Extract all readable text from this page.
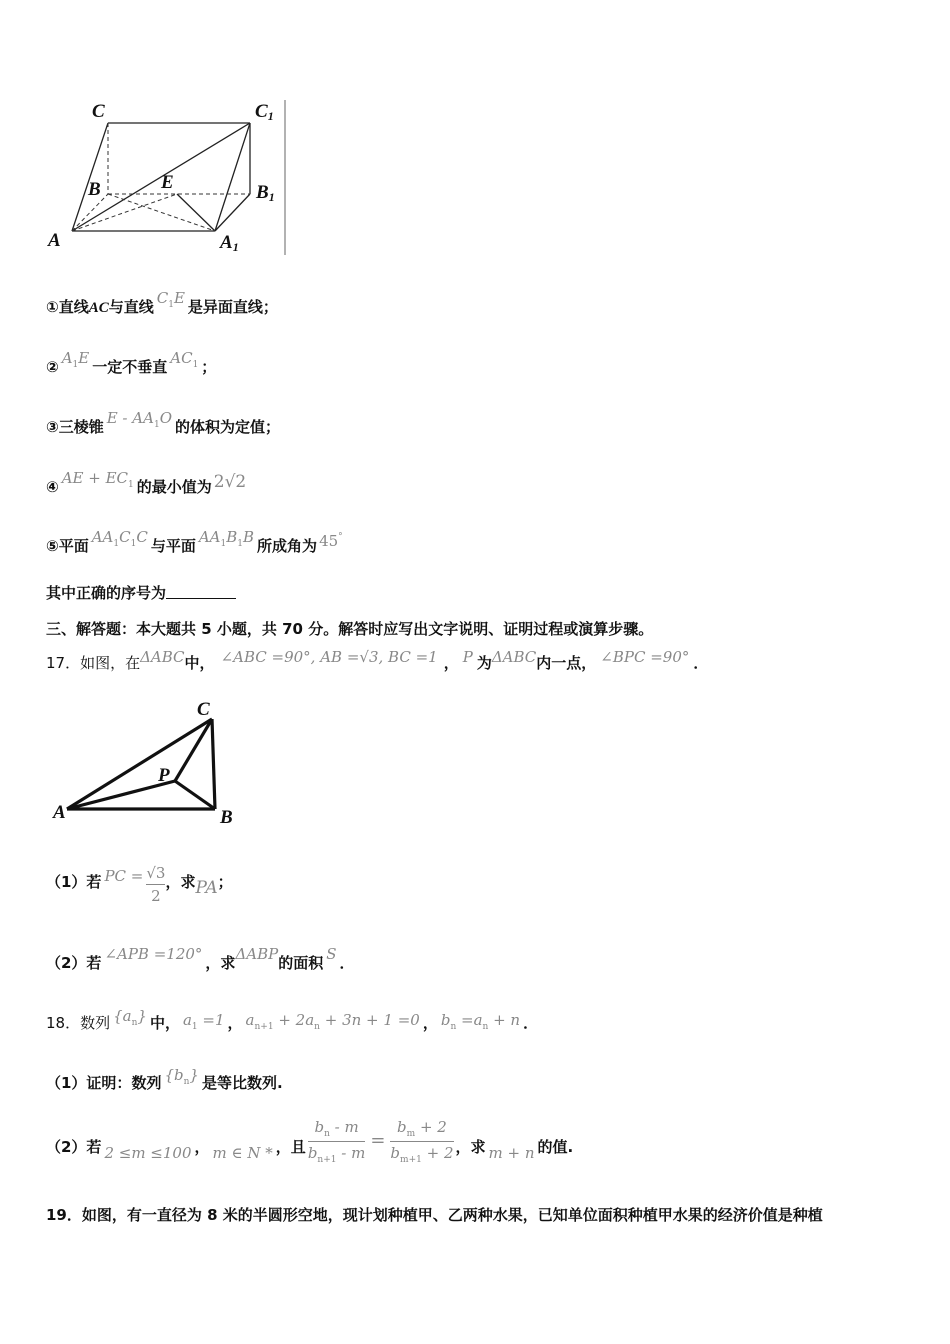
C	C1
B	E	B1
A	A1
①直线AC与直线 $C_1E$ 是异面直线；
② $A_1E$ 一定不垂直 $AC_1$ ；
③三棱锥 E - $AA_1O$ 的体积为定值；
④ AE + $EC_1$ 的最小值为 2√2
⑤平面 $AA_1C_1C$ 与平面 $AA_1B_1B$ 所成角为 45°
其中正确的序号为
三、解答题：本大题共 5 小题，共 70 分。解答时应写出文字说明、证明过程或演算步骤。
17．如图，在ΔABC中， ∠ABC =90°, AB =√3, BC =1 ， P 为ΔABC内一点， ∠BPC =90° ．
C
P
A	B
（1）若 PC = $\frac{√3}{2}$ ，求PA；
（2）若 ∠APB =120° ，求ΔABP的面积 S ．
18．数列 $\{a_n\}$ 中， $a_1 =1$ ， $a_{n+1} + 2a_n + 3n + 1 =0$ ， $b_n =a_n + n$ ．
（1）证明：数列 $\{b_n\}$ 是等比数列.
（2）若 2 ≤m ≤100 ， m ∈ N * ，且 $\frac{b_n - m}{b_{n+1} - m} = \frac{b_m + 2}{b_{m+1} + 2}$ ，求 m + n 的值.
19．如图，有一直径为 8 米的半圆形空地，现计划种植甲、乙两种水果，已知单位面积种植甲水果的经济价值是种植
